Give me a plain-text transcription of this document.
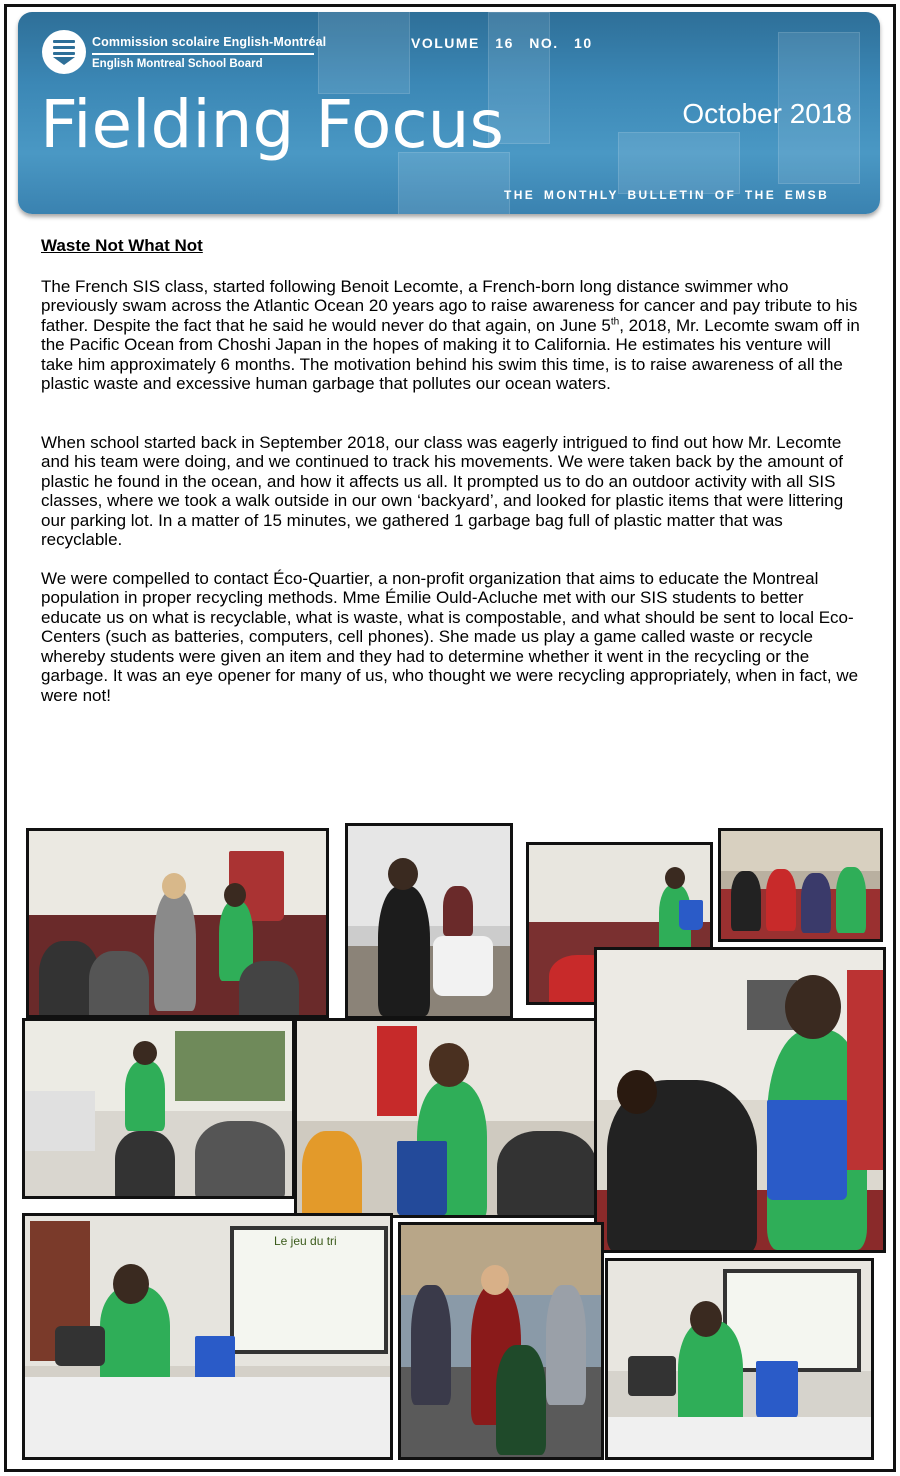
Commission scolaire English-Montréal
English Montreal School Board
VOLUME 16 NO. 10
Fielding Focus	October 2018
THE MONTHLY BULLETIN OF THE EMSB
Waste Not What Not

The French SIS class, started following Benoit Lecomte, a French-born long distance swimmer who previously swam across the Atlantic Ocean 20 years ago to raise awareness for cancer and pay tribute to his father. Despite the fact that he said he would never do that again, on June 5th, 2018, Mr. Lecomte swam off in the Pacific Ocean from Choshi Japan in the hopes of making it to California. He estimates his venture will take him approximately 6 months. The motivation behind his swim this time, is to raise awareness of all the plastic waste and excessive human garbage that pollutes our ocean waters.

When school started back in September 2018, our class was eagerly intrigued to find out how Mr. Lecomte and his team were doing, and we continued to track his movements. We were taken back by the amount of plastic he found in the ocean, and how it affects us all. It prompted us to do an outdoor activity with all SIS classes, where we took a walk outside in our own ‘backyard’, and looked for plastic items that were littering our parking lot. In a matter of 15 minutes, we gathered 1 garbage bag full of plastic matter that was recyclable.

We were compelled to contact Éco-Quartier, a non-profit organization that aims to educate the Montreal population in proper recycling methods. Mme Émilie Ould-Acluche met with our SIS students to better educate us on what is recyclable, what is waste, what is compostable, and what should be sent to local Eco-Centers (such as batteries, computers, cell phones). She made us play a game called waste or recycle whereby students were given an item and they had to determine whether it went in the recycling or the garbage. It was an eye opener for many of us, who thought we were recycling appropriately, when in fact, we were not!

Le jeu du tri
